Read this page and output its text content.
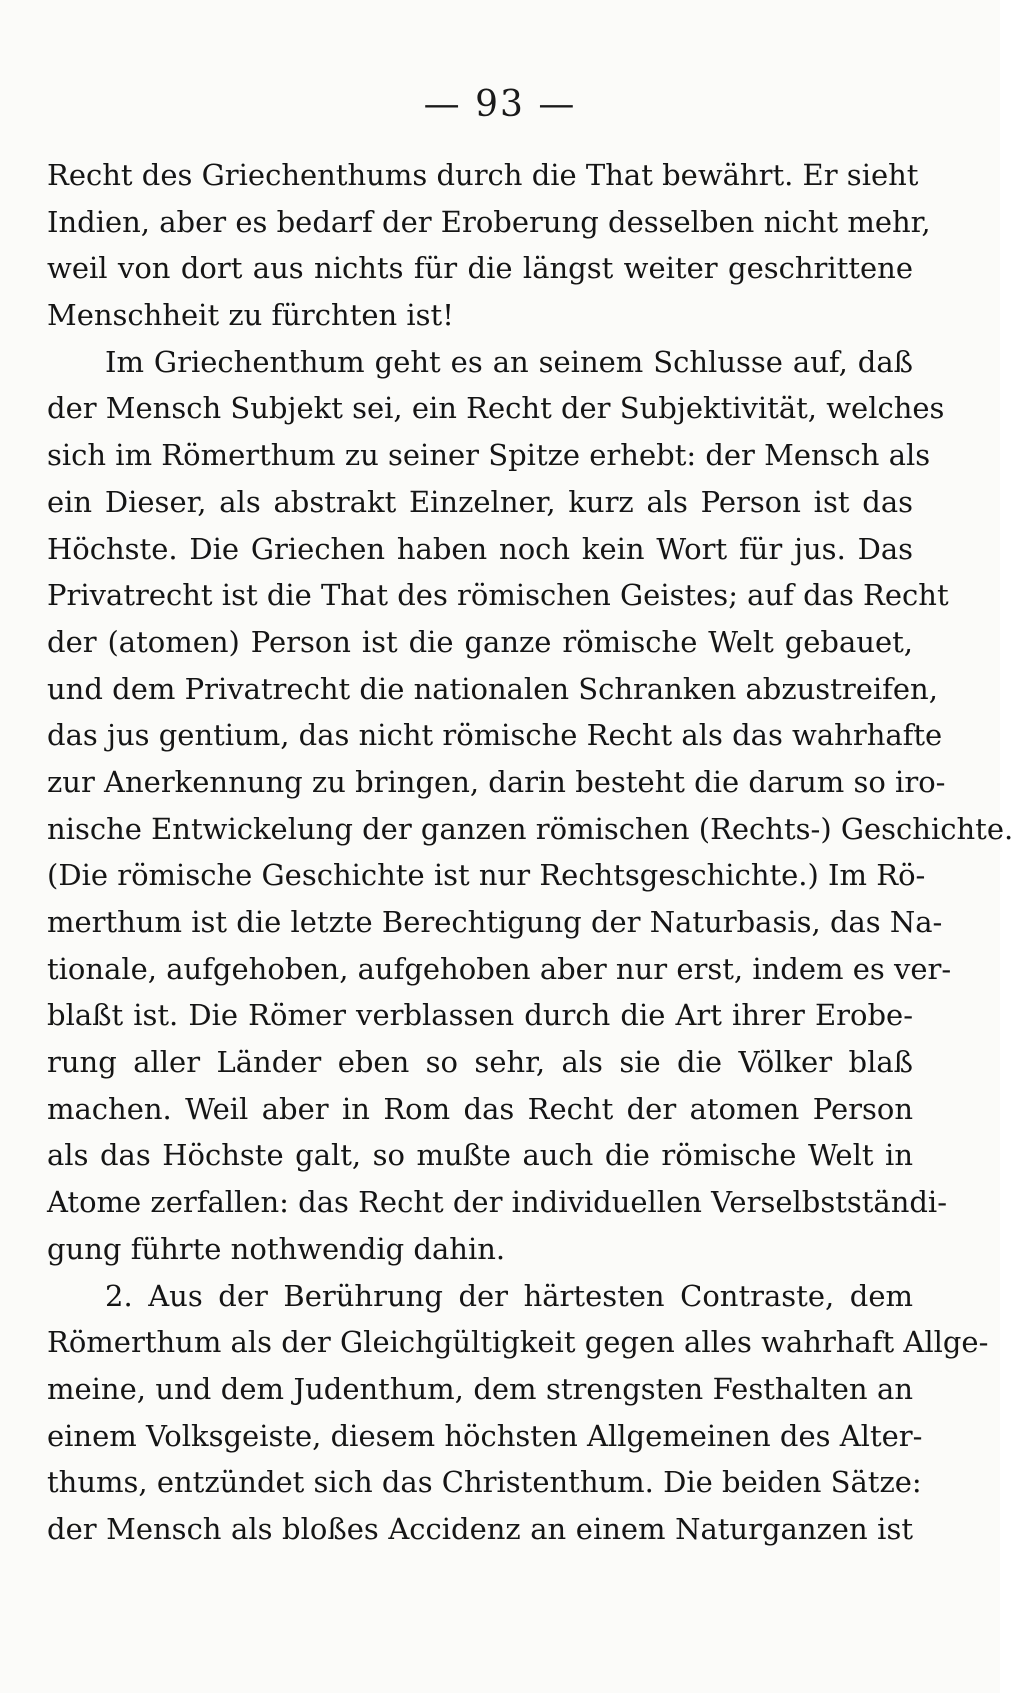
— 93 —
Recht des Griechenthums durch die That bewährt. Er sieht
Indien, aber es bedarf der Eroberung desselben nicht mehr,
weil von dort aus nichts für die längst weiter geschrittene
Menschheit zu fürchten ist!
Im Griechenthum geht es an seinem Schlusse auf, daß
der Mensch Subjekt sei, ein Recht der Subjektivität, welches
sich im Römerthum zu seiner Spitze erhebt: der Mensch als
ein Dieser, als abstrakt Einzelner, kurz als Person ist das
Höchste. Die Griechen haben noch kein Wort für jus. Das
Privatrecht ist die That des römischen Geistes; auf das Recht
der (atomen) Person ist die ganze römische Welt gebauet,
und dem Privatrecht die nationalen Schranken abzustreifen,
das jus gentium, das nicht römische Recht als das wahrhafte
zur Anerkennung zu bringen, darin besteht die darum so iro-
nische Entwickelung der ganzen römischen (Rechts-) Geschichte.
(Die römische Geschichte ist nur Rechtsgeschichte.) Im Rö-
merthum ist die letzte Berechtigung der Naturbasis, das Na-
tionale, aufgehoben, aufgehoben aber nur erst, indem es ver-
blaßt ist. Die Römer verblassen durch die Art ihrer Erobe-
rung aller Länder eben so sehr, als sie die Völker blaß
machen. Weil aber in Rom das Recht der atomen Person
als das Höchste galt, so mußte auch die römische Welt in
Atome zerfallen: das Recht der individuellen Verselbstständi-
gung führte nothwendig dahin.
2. Aus der Berührung der härtesten Contraste, dem
Römerthum als der Gleichgültigkeit gegen alles wahrhaft Allge-
meine, und dem Judenthum, dem strengsten Festhalten an
einem Volksgeiste, diesem höchsten Allgemeinen des Alter-
thums, entzündet sich das Christenthum. Die beiden Sätze:
der Mensch als bloßes Accidenz an einem Naturganzen ist
